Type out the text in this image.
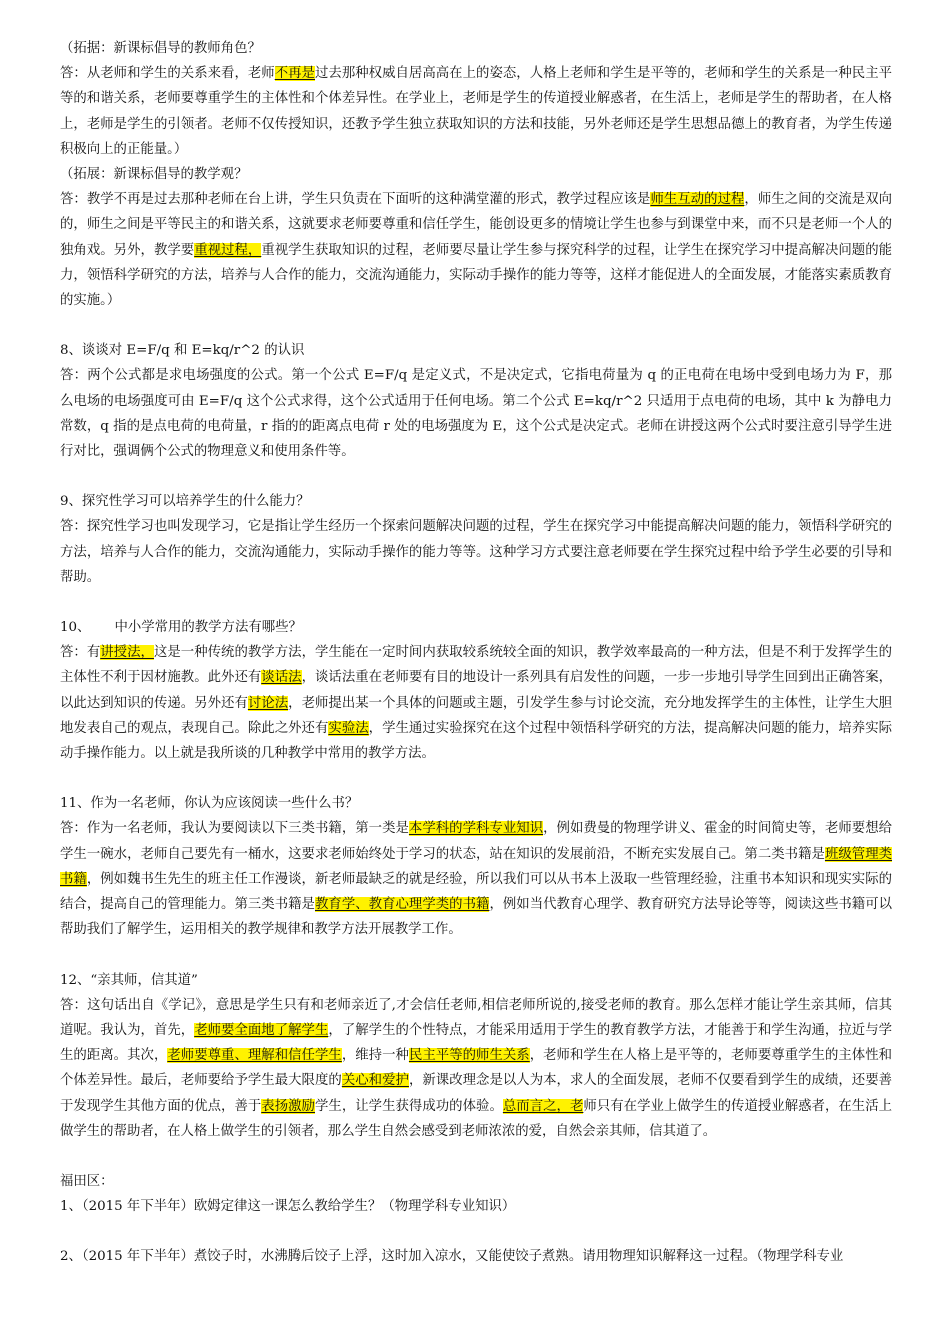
（拓据：新课标倡导的教师角色？

答：从老师和学生的关系来看，老师不再是过去那种权威自居高高在上的姿态，人格上老师和学生是平等的，老师和学生的关系是一种民主平等的和谐关系，老师要尊重学生的主体性和个体差异性。在学业上，老师是学生的传道授业解惑者，在生活上，老师是学生的帮助者，在人格上，老师是学生的引领者。老师不仅传授知识，还教予学生独立获取知识的方法和技能，另外老师还是学生思想品德上的教育者，为学生传递积极向上的正能量。）

（拓展：新课标倡导的教学观？

答：教学不再是过去那种老师在台上讲，学生只负责在下面听的这种满堂灌的形式，教学过程应该是师生互动的过程，师生之间的交流是双向的，师生之间是平等民主的和谐关系，这就要求老师要尊重和信任学生，能创设更多的情境让学生也参与到课堂中来，而不只是老师一个人的独角戏。另外，教学要重视过程，重视学生获取知识的过程，老师要尽量让学生参与探究科学的过程，让学生在探究学习中提高解决问题的能力，领悟科学研究的方法，培养与人合作的能力，交流沟通能力，实际动手操作的能力等等，这样才能促进人的全面发展，才能落实素质教育的实施。）

8、谈谈对 E=F/q 和 E=kq/r^2 的认识

答：两个公式都是求电场强度的公式。第一个公式 E=F/q 是定义式，不是决定式，它指电荷量为 q 的正电荷在电场中受到电场力为 F，那么电场的电场强度可由 E=F/q 这个公式求得，这个公式适用于任何电场。第二个公式 E=kq/r^2 只适用于点电荷的电场，其中 k 为静电力常数，q 指的是点电荷的电荷量，r 指的的距离点电荷 r 处的电场强度为 E，这个公式是决定式。老师在讲授这两个公式时要注意引导学生进行对比，强调俩个公式的物理意义和使用条件等。

9、探究性学习可以培养学生的什么能力？

答：探究性学习也叫发现学习，它是指让学生经历一个探索问题解决问题的过程，学生在探究学习中能提高解决问题的能力，领悟科学研究的方法，培养与人合作的能力，交流沟通能力，实际动手操作的能力等等。这种学习方式要注意老师要在学生探究过程中给予学生必要的引导和帮助。

10、 中小学常用的教学方法有哪些？

答：有讲授法，这是一种传统的教学方法，学生能在一定时间内获取较系统较全面的知识，教学效率最高的一种方法，但是不利于发挥学生的主体性不利于因材施教。此外还有谈话法，谈话法重在老师要有目的地设计一系列具有启发性的问题，一步一步地引导学生回到出正确答案，以此达到知识的传递。另外还有讨论法，老师提出某一个具体的问题或主题，引发学生参与讨论交流，充分地发挥学生的主体性，让学生大胆地发表自己的观点，表现自己。除此之外还有实验法，学生通过实验探究在这个过程中领悟科学研究的方法，提高解决问题的能力，培养实际动手操作能力。以上就是我所谈的几种教学中常用的教学方法。

11、作为一名老师，你认为应该阅读一些什么书？

答：作为一名老师，我认为要阅读以下三类书籍，第一类是本学科的学科专业知识，例如费曼的物理学讲义、霍金的时间简史等，老师要想给学生一碗水，老师自己要先有一桶水，这要求老师始终处于学习的状态，站在知识的发展前沿，不断充实发展自己。第二类书籍是班级管理类书籍，例如魏书生先生的班主任工作漫谈，新老师最缺乏的就是经验，所以我们可以从书本上汲取一些管理经验，注重书本知识和现实实际的结合，提高自己的管理能力。第三类书籍是教育学、教育心理学类的书籍，例如当代教育心理学、教育研究方法导论等等，阅读这些书籍可以帮助我们了解学生，运用相关的教学规律和教学方法开展教学工作。

12、“亲其师，信其道”

答：这句话出自《学记》，意思是学生只有和老师亲近了,才会信任老师,相信老师所说的,接受老师的教育。那么怎样才能让学生亲其师，信其道呢。我认为，首先，老师要全面地了解学生，了解学生的个性特点，才能采用适用于学生的教育教学方法，才能善于和学生沟通，拉近与学生的距离。其次，老师要尊重、理解和信任学生，维持一种民主平等的师生关系，老师和学生在人格上是平等的，老师要尊重学生的主体性和个体差异性。最后，老师要给予学生最大限度的关心和爱护，新课改理念是以人为本，求人的全面发展，老师不仅要看到学生的成绩，还要善于发现学生其他方面的优点，善于表扬激励学生，让学生获得成功的体验。总而言之，老师只有在学业上做学生的传道授业解惑者，在生活上做学生的帮助者，在人格上做学生的引领者，那么学生自然会感受到老师浓浓的爱，自然会亲其师，信其道了。

福田区：

1、（2015 年下半年）欧姆定律这一课怎么教给学生？（物理学科专业知识）

2、（2015 年下半年）煮饺子时，水沸腾后饺子上浮，这时加入凉水，又能使饺子煮熟。请用物理知识解释这一过程。（物理学科专业
